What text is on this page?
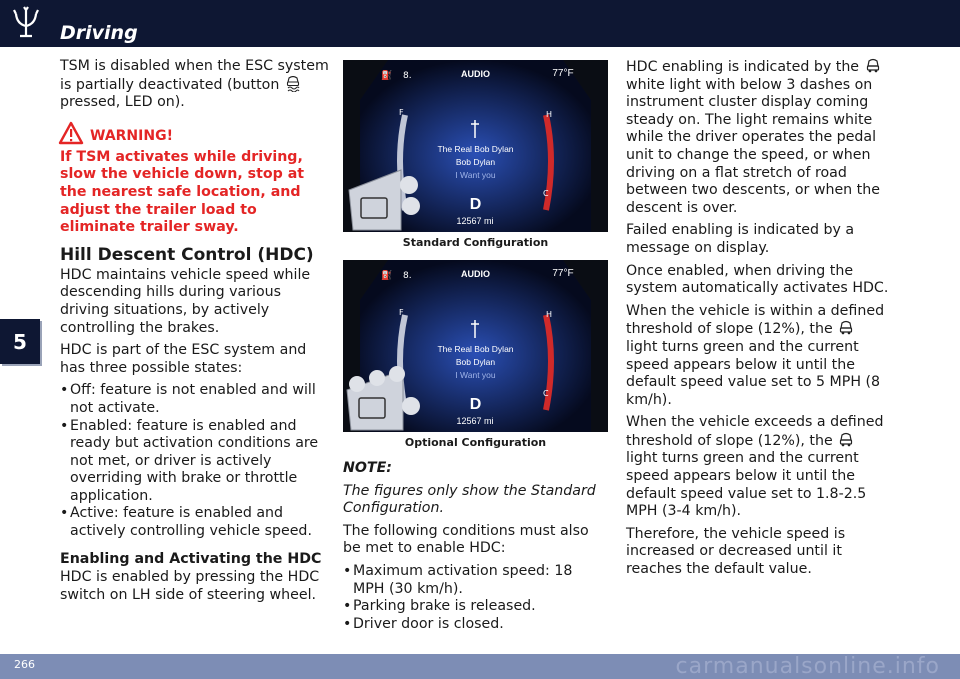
Driving
5

TSM is disabled when the ESC system is partially deactivated (button  pressed, LED on).

WARNING!

If TSM activates while driving, slow the vehicle down, stop at the nearest safe location, and adjust the trailer load to eliminate trailer sway.

Hill Descent Control (HDC)

HDC maintains vehicle speed while descending hills during various driving situations, by actively controlling the brakes.

HDC is part of the ESC system and has three possible states:

• Off: feature is not enabled and will not activate.
• Enabled: feature is enabled and ready but activation conditions are not met, or driver is actively overriding with brake or throttle application.
• Active: feature is enabled and actively controlling vehicle speed.
Enabling and Activating the HDC

HDC is enabled by pressing the HDC switch on LH side of steering wheel.

F	H
C
⛽ 8.	AUDIO	77°F
The Real Bob Dylan
Bob Dylan
I Want you
D
12567 mi
Standard Configuration
F	H
C
⛽ 8.	AUDIO	77°F
The Real Bob Dylan
Bob Dylan
I Want you
D
12567 mi
Optional Configuration

NOTE:

The figures only show the Standard Configuration.

The following conditions must also be met to enable HDC:

• Maximum activation speed: 18 MPH (30 km/h).
• Parking brake is released.
• Driver door is closed.

HDC enabling is indicated by the  white light with below 3 dashes on instrument cluster display coming steady on. The light remains white while the driver operates the pedal unit to change the speed, or when driving on a flat stretch of road between two descents, or when the descent is over.

Failed enabling is indicated by a message on display.

Once enabled, when driving the system automatically activates HDC.

When the vehicle is within a defined threshold of slope (12%), the  light turns green and the current speed appears below it until the default speed value set to 5 MPH (8 km/h).

When the vehicle exceeds a defined threshold of slope (12%), the  light turns green and the current speed appears below it until the default speed value set to 1.8-2.5 MPH (3-4 km/h).

Therefore, the vehicle speed is increased or decreased until it reaches the default value.

266	carmanualsonline.info
